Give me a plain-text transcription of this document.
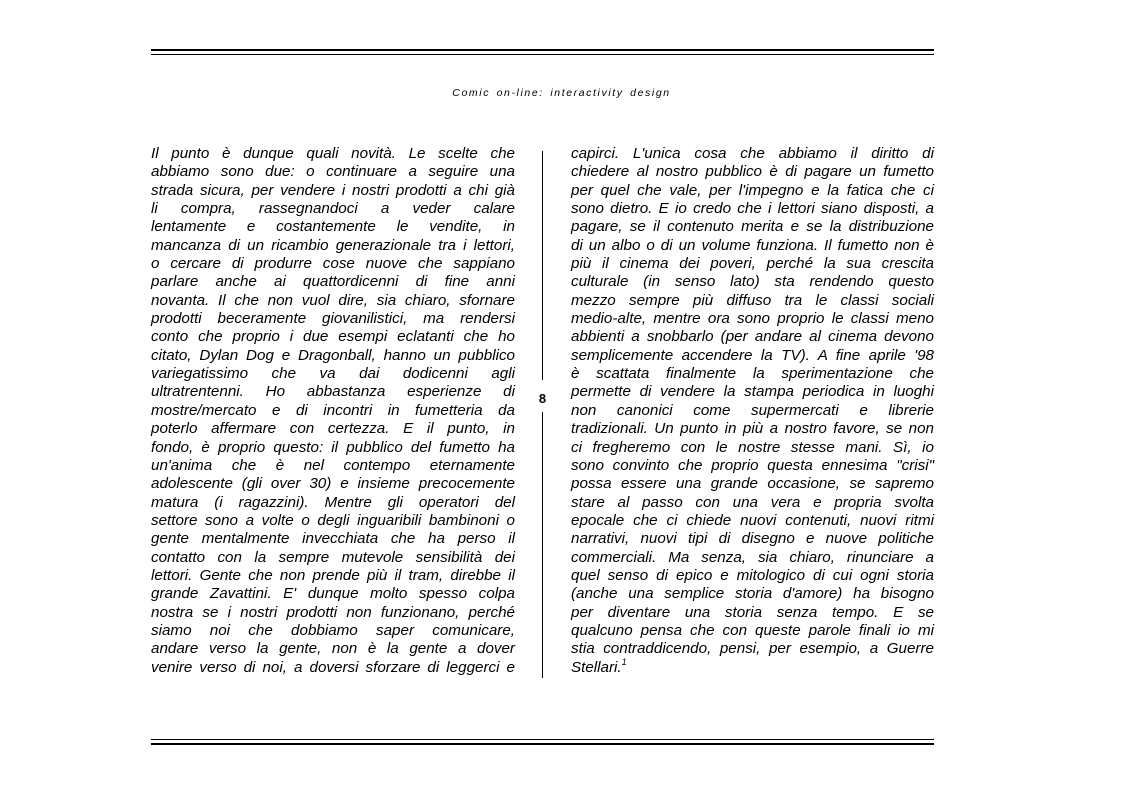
Comic on-line: interactivity design
Il punto è dunque quali novità. Le scelte che
abbiamo sono due: o continuare a seguire una
strada sicura, per vendere i nostri prodotti a chi già
li compra, rassegnandoci a veder calare
lentamente e costantemente le vendite, in
mancanza di un ricambio generazionale tra i lettori,
o cercare di produrre cose nuove che sappiano
parlare anche ai quattordicenni di fine anni
novanta. Il che non vuol dire, sia chiaro, sfornare
prodotti beceramente giovanilistici, ma rendersi
conto che proprio i due esempi eclatanti che ho
citato, Dylan Dog e Dragonball, hanno un pubblico
variegatissimo che va dai dodicenni agli
ultratrentenni. Ho abbastanza esperienze di
mostre/mercato e di incontri in fumetteria da
poterlo affermare con certezza. E il punto, in
fondo, è proprio questo: il pubblico del fumetto ha
un'anima che è nel contempo eternamente
adolescente (gli over 30) e insieme precocemente
matura (i ragazzini). Mentre gli operatori del
settore sono a volte o degli inguaribili bambinoni o
gente mentalmente invecchiata che ha perso il
contatto con la sempre mutevole sensibilità dei
lettori. Gente che non prende più il tram, direbbe il
grande Zavattini. E' dunque molto spesso colpa
nostra se i nostri prodotti non funzionano, perché
siamo noi che dobbiamo saper comunicare,
andare verso la gente, non è la gente a dover
venire verso di noi, a doversi sforzare di leggerci e
8
capirci. L'unica cosa che abbiamo il diritto di
chiedere al nostro pubblico è di pagare un fumetto
per quel che vale, per l'impegno e la fatica che ci
sono dietro. E io credo che i lettori siano disposti, a
pagare, se il contenuto merita e se la distribuzione
di un albo o di un volume funziona. Il fumetto non è
più il cinema dei poveri, perché la sua crescita
culturale (in senso lato) sta rendendo questo
mezzo sempre più diffuso tra le classi sociali
medio-alte, mentre ora sono proprio le classi meno
abbienti a snobbarlo (per andare al cinema devono
semplicemente accendere la TV). A fine aprile '98
è scattata finalmente la sperimentazione che
permette di vendere la stampa periodica in luoghi
non canonici come supermercati e librerie
tradizionali. Un punto in più a nostro favore, se non
ci fregheremo con le nostre stesse mani. Sì, io
sono convinto che proprio questa ennesima "crisi"
possa essere una grande occasione, se sapremo
stare al passo con una vera e propria svolta
epocale che ci chiede nuovi contenuti, nuovi ritmi
narrativi, nuovi tipi di disegno e nuove politiche
commerciali. Ma senza, sia chiaro, rinunciare a
quel senso di epico e mitologico di cui ogni storia
(anche una semplice storia d'amore) ha bisogno
per diventare una storia senza tempo. E se
qualcuno pensa che con queste parole finali io mi
stia contraddicendo, pensi, per esempio, a Guerre
Stellari.$^1$
